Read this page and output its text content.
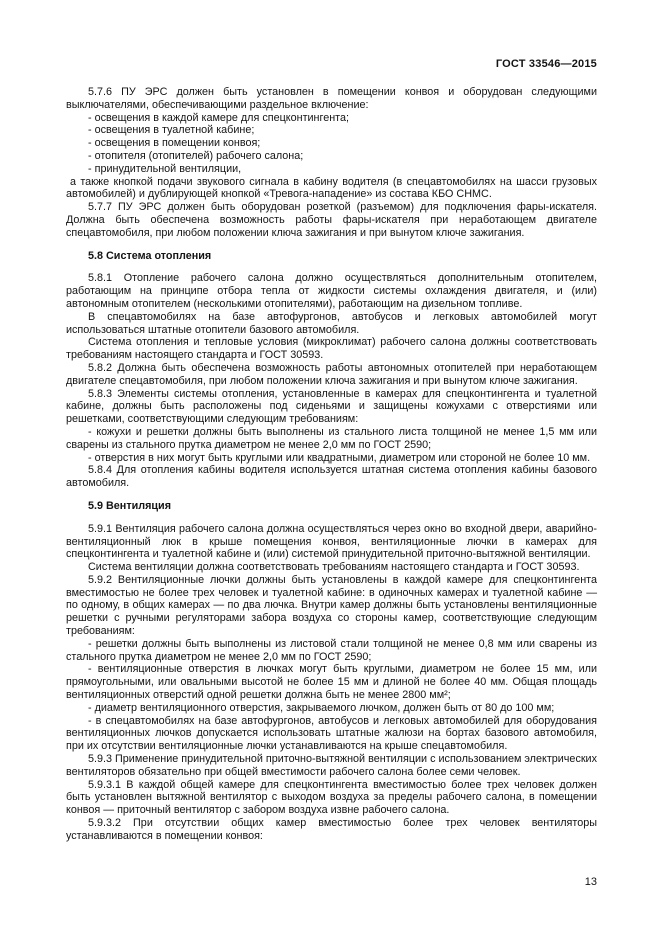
ГОСТ 33546—2015

5.7.6 ПУ ЭРС должен быть установлен в помещении конвоя и оборудован следующими выключателями, обеспечивающими раздельное включение:

- освещения в каждой камере для спецконтингента;

- освещения в туалетной кабине;

- освещения в помещении конвоя;

- отопителя (отопителей) рабочего салона;

- принудительной вентиляции,

а также кнопкой подачи звукового сигнала в кабину водителя (в спецавтомобилях на шасси грузовых автомобилей) и дублирующей кнопкой «Тревога-нападение» из состава КБО СНМС.

5.7.7 ПУ ЭРС должен быть оборудован розеткой (разъемом) для подключения фары-искателя. Должна быть обеспечена возможность работы фары-искателя при неработающем двигателе спецавтомобиля, при любом положении ключа зажигания и при вынутом ключе зажигания.

5.8 Система отопления

5.8.1 Отопление рабочего салона должно осуществляться дополнительным отопителем, работающим на принципе отбора тепла от жидкости системы охлаждения двигателя, и (или) автономным отопителем (несколькими отопителями), работающим на дизельном топливе.

В спецавтомобилях на базе автофургонов, автобусов и легковых автомобилей могут использоваться штатные отопители базового автомобиля.

Система отопления и тепловые условия (микроклимат) рабочего салона должны соответствовать требованиям настоящего стандарта и ГОСТ 30593.

5.8.2 Должна быть обеспечена возможность работы автономных отопителей при неработающем двигателе спецавтомобиля, при любом положении ключа зажигания и при вынутом ключе зажигания.

5.8.3 Элементы системы отопления, установленные в камерах для спецконтингента и туалетной кабине, должны быть расположены под сиденьями и защищены кожухами с отверстиями или решетками, соответствующими следующим требованиям:

- кожухи и решетки должны быть выполнены из стального листа толщиной не менее 1,5 мм или сварены из стального прутка диаметром не менее 2,0 мм по ГОСТ 2590;

- отверстия в них могут быть круглыми или квадратными, диаметром или стороной не более 10 мм.

5.8.4 Для отопления кабины водителя используется штатная система отопления кабины базового автомобиля.

5.9 Вентиляция

5.9.1 Вентиляция рабочего салона должна осуществляться через окно во входной двери, аварийно-вентиляционный люк в крыше помещения конвоя, вентиляционные лючки в камерах для спецконтингента и туалетной кабине и (или) системой принудительной приточно-вытяжной вентиляции.

Система вентиляции должна соответствовать требованиям настоящего стандарта и ГОСТ 30593.

5.9.2 Вентиляционные лючки должны быть установлены в каждой камере для спецконтингента вместимостью не более трех человек и туалетной кабине: в одиночных камерах и туалетной кабине — по одному, в общих камерах — по два лючка. Внутри камер должны быть установлены вентиляционные решетки с ручными регуляторами забора воздуха со стороны камер, соответствующие следующим требованиям:

- решетки должны быть выполнены из листовой стали толщиной не менее 0,8 мм или сварены из стального прутка диаметром не менее 2,0 мм по ГОСТ 2590;

- вентиляционные отверстия в лючках могут быть круглыми, диаметром не более 15 мм, или прямоугольными, или овальными высотой не более 15 мм и длиной не более 40 мм. Общая площадь вентиляционных отверстий одной решетки должна быть не менее 2800 мм²;

- диаметр вентиляционного отверстия, закрываемого лючком, должен быть от 80 до 100 мм;

- в спецавтомобилях на базе автофургонов, автобусов и легковых автомобилей для оборудования вентиляционных лючков допускается использовать штатные жалюзи на бортах базового автомобиля, при их отсутствии вентиляционные лючки устанавливаются на крыше спецавтомобиля.

5.9.3 Применение принудительной приточно-вытяжной вентиляции с использованием электрических вентиляторов обязательно при общей вместимости рабочего салона более семи человек.

5.9.3.1 В каждой общей камере для спецконтингента вместимостью более трех человек должен быть установлен вытяжной вентилятор с выходом воздуха за пределы рабочего салона, в помещении конвоя — приточный вентилятор с забором воздуха извне рабочего салона.

5.9.3.2 При отсутствии общих камер вместимостью более трех человек вентиляторы устанавливаются в помещении конвоя:

13
